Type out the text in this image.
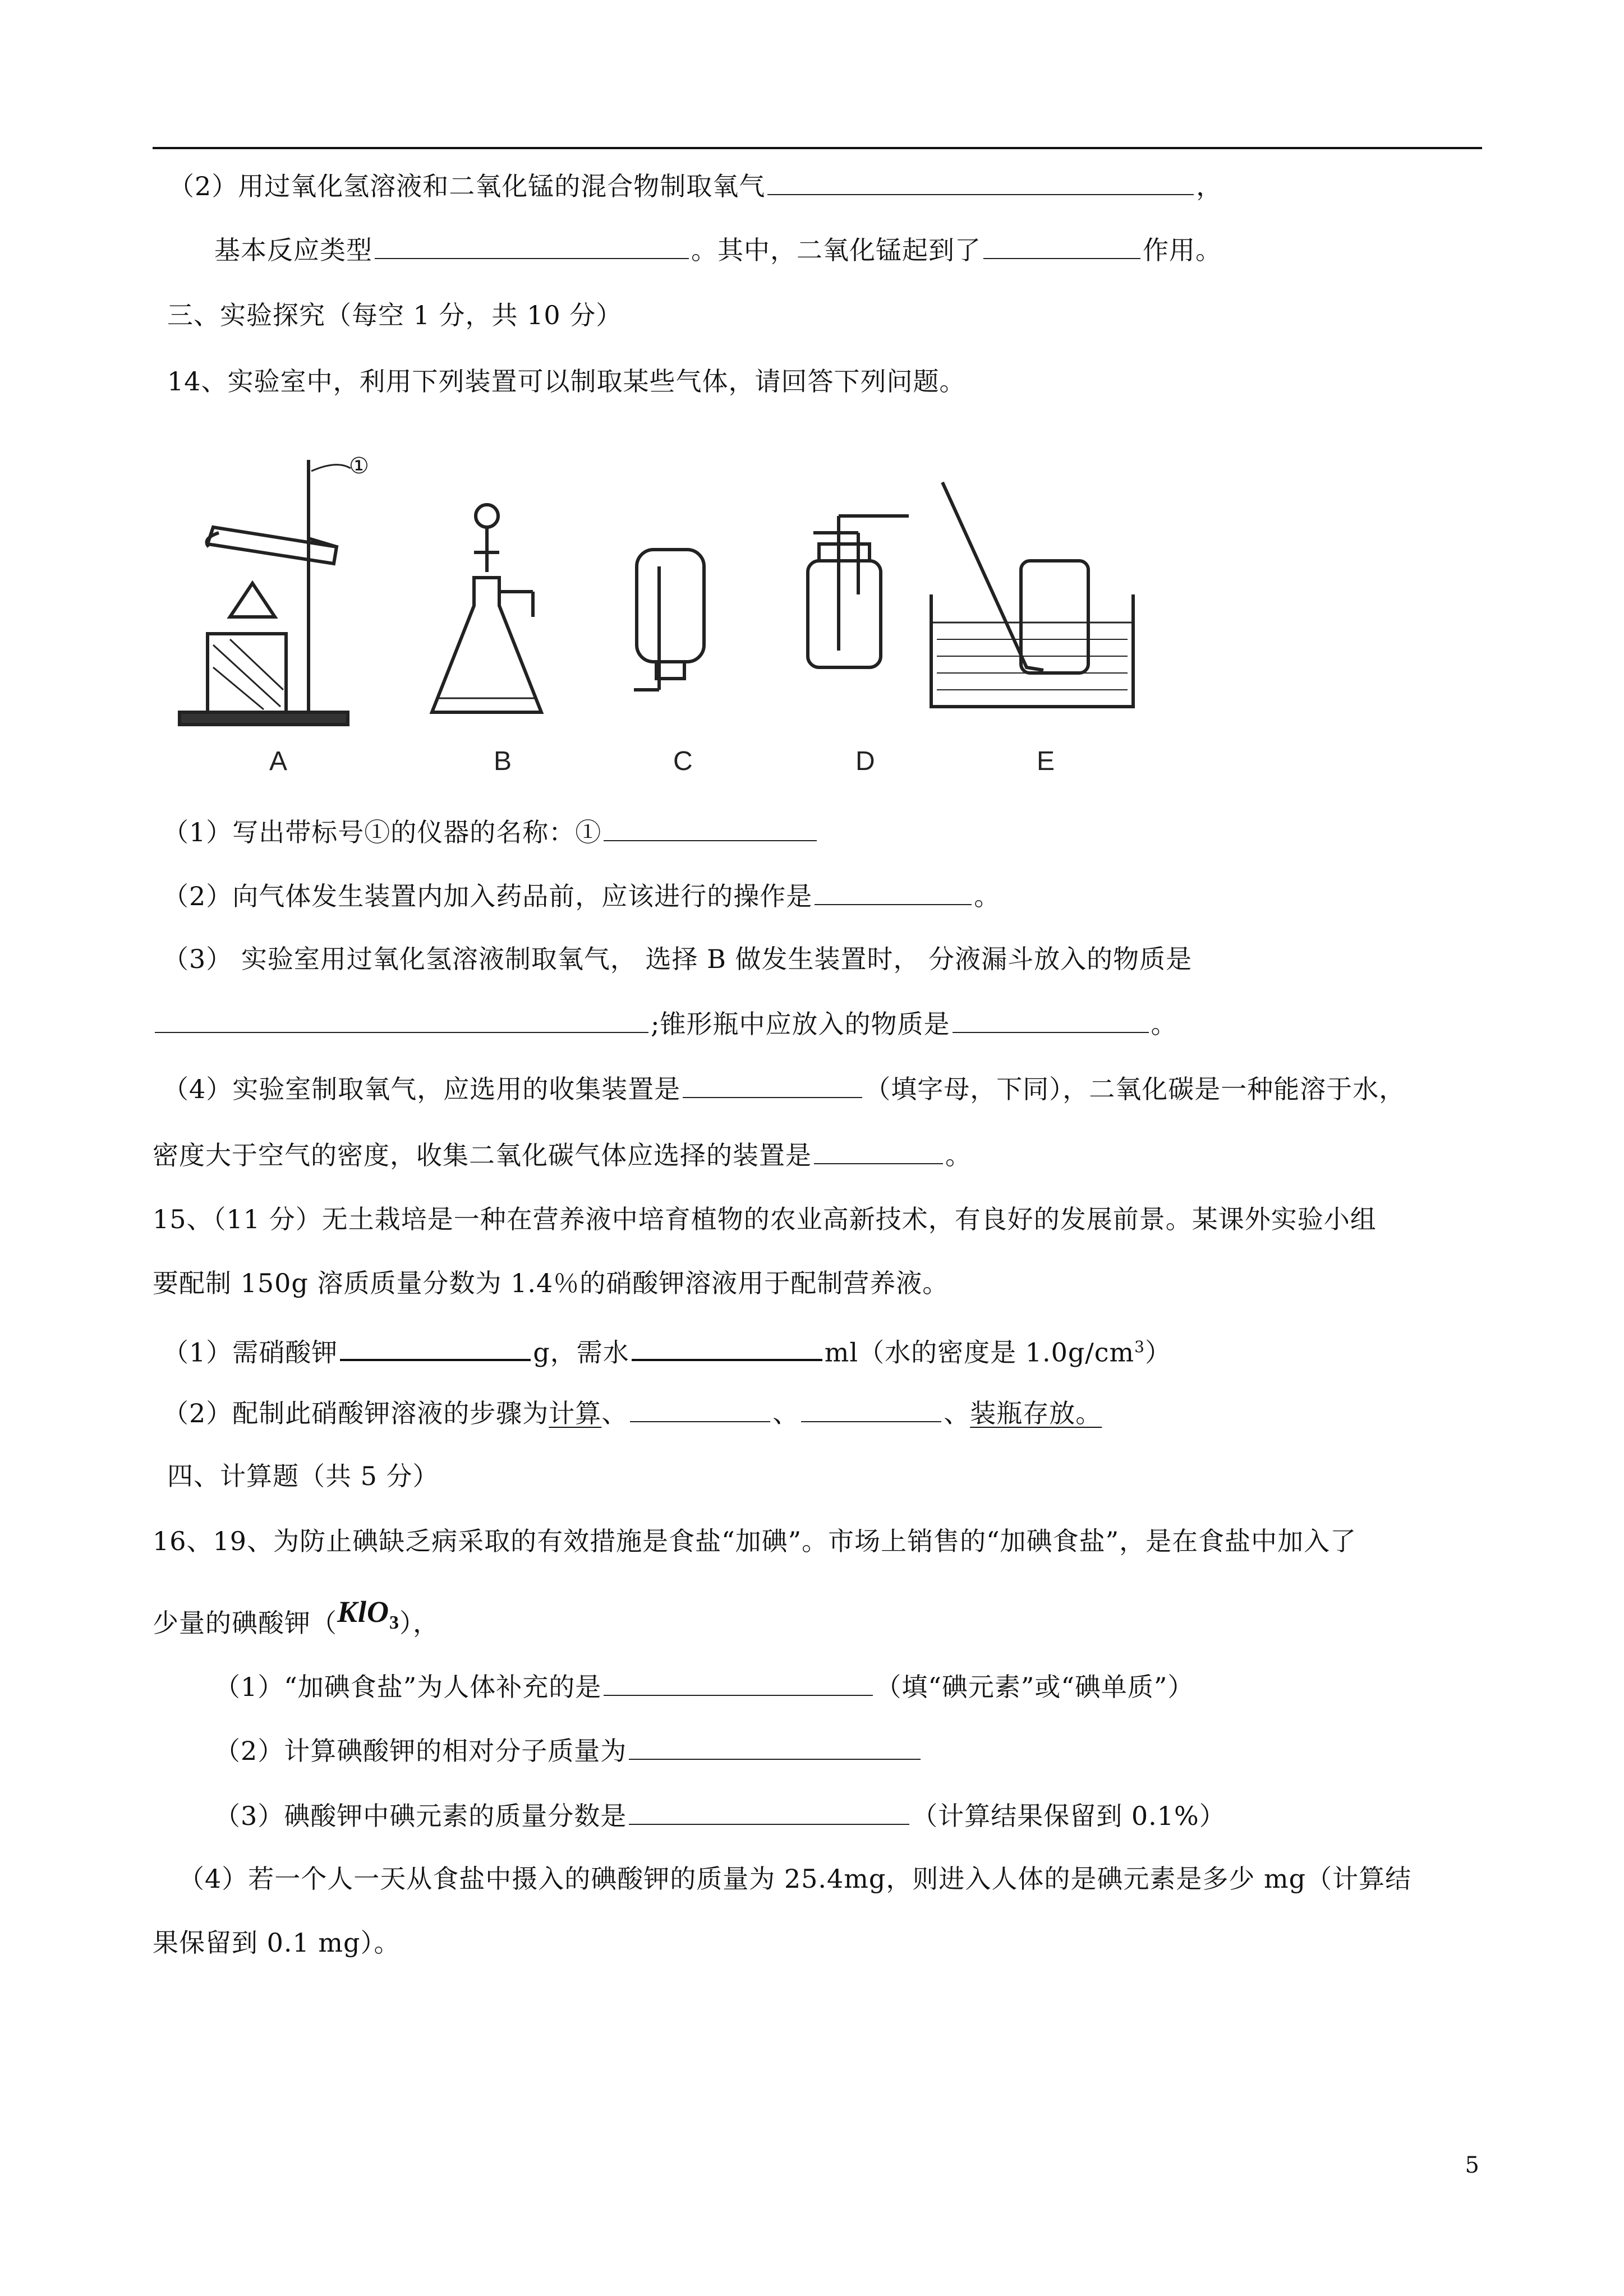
（2）用过氧化氢溶液和二氧化锰的混合物制取氧气	，
基本反应类型	。其中，二氧化锰起到了	作用。
三、实验探究（每空 1 分，共 10 分）
14、实验室中，利用下列装置可以制取某些气体，请回答下列问题。
①
A	B	C	D	E
（1）写出带标号①的仪器的名称：①
（2）向气体发生装置内加入药品前，应该进行的操作是	。
（3） 实验室用过氧化氢溶液制取氧气， 选择 B 做发生装置时， 分液漏斗放入的物质是
;锥形瓶中应放入的物质是	。
（4）实验室制取氧气，应选用的收集装置是	（填字母，下同），二氧化碳是一种能溶于水，
密度大于空气的密度，收集二氧化碳气体应选择的装置是	。
15、（11 分）无土栽培是一种在营养液中培育植物的农业高新技术，有良好的发展前景。某课外实验小组
要配制 150g 溶质质量分数为 1.4％的硝酸钾溶液用于配制营养液。
（1）需硝酸钾	g，需水	ml（水的密度是 $1.0g/cm^3$）
（2）配制此硝酸钾溶液的步骤为计算、	、	、装瓶存放。
四、计算题（共 5 分）
16、19、为防止碘缺乏病采取的有效措施是食盐“加碘”。市场上销售的“加碘食盐”，是在食盐中加入了
少量的碘酸钾（KlO$_3$），
（1）“加碘食盐”为人体补充的是	（填“碘元素”或“碘单质”）
（2）计算碘酸钾的相对分子质量为
（3）碘酸钾中碘元素的质量分数是	（计算结果保留到 0.1%）
（4）若一个人一天从食盐中摄入的碘酸钾的质量为 25.4mg，则进入人体的是碘元素是多少 mg（计算结
果保留到 0.1 mg）。
5
